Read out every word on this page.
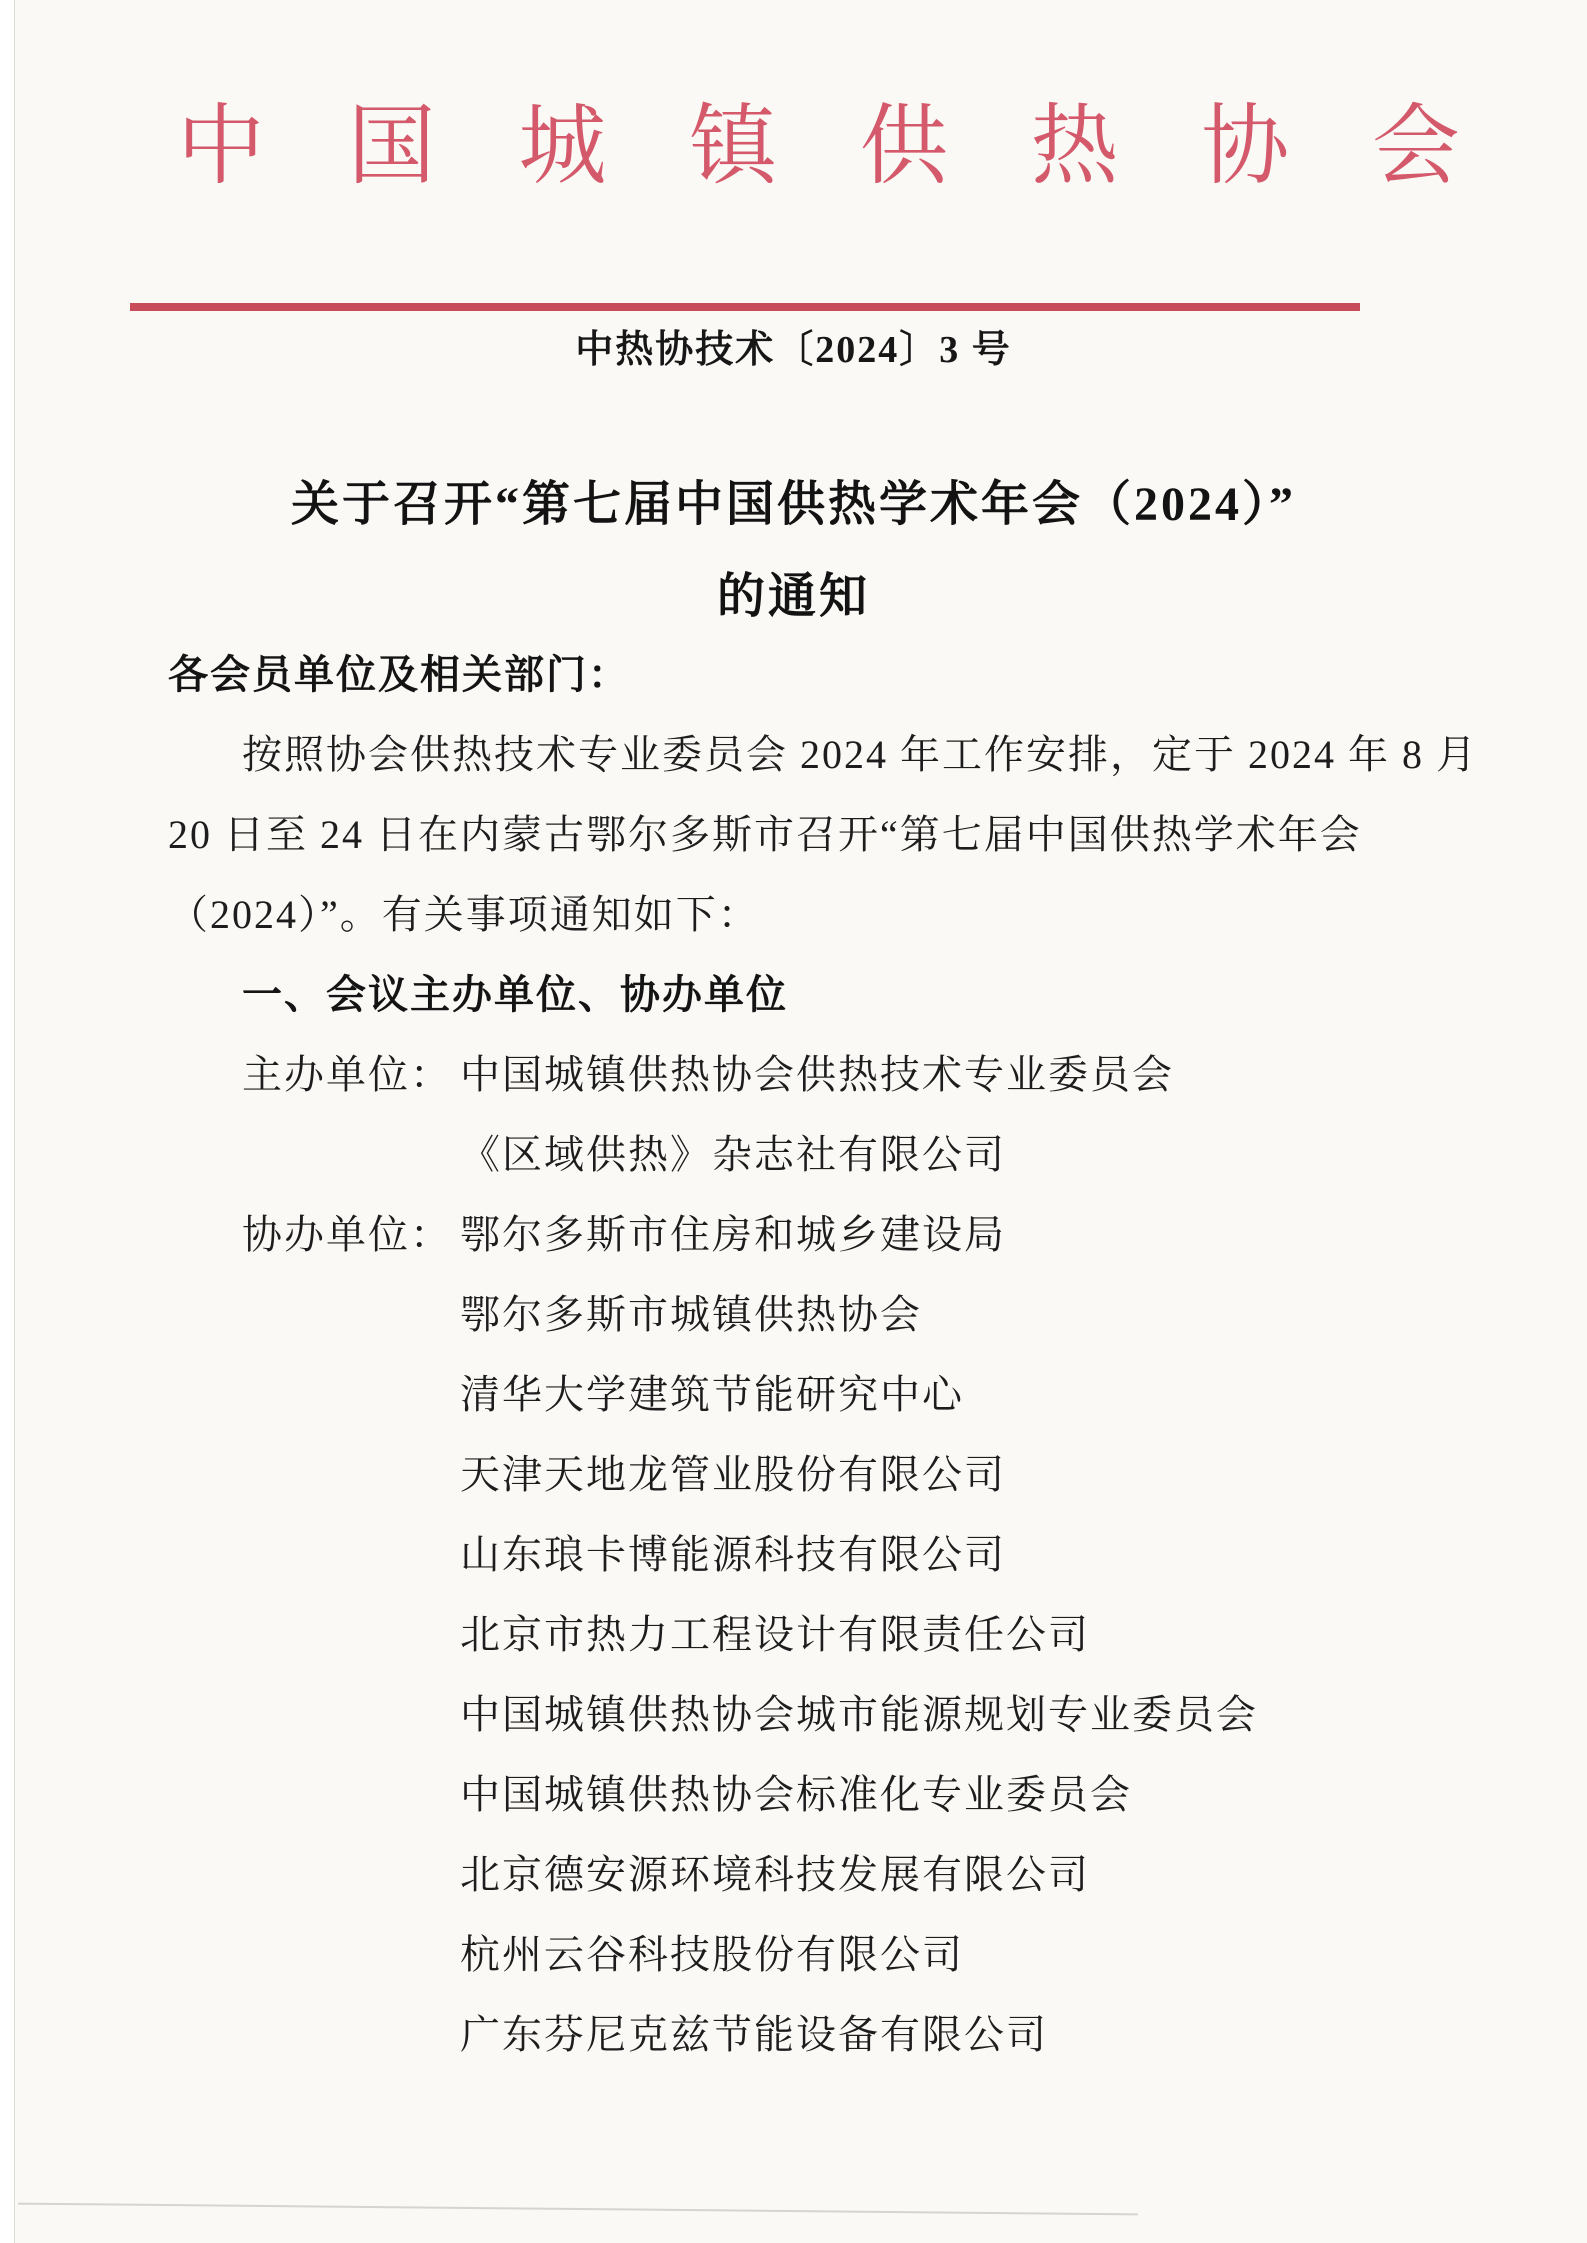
中 国 城 镇 供 热 协 会
中热协技术〔2024〕3 号
关于召开“第七届中国供热学术年会（2024）”
的通知
各会员单位及相关部门：
按照协会供热技术专业委员会 2024 年工作安排，定于 2024 年 8 月
20 日至 24 日在内蒙古鄂尔多斯市召开“第七届中国供热学术年会
（2024）”。有关事项通知如下：
一、会议主办单位、协办单位
主办单位： 中国城镇供热协会供热技术专业委员会
《区域供热》杂志社有限公司
协办单位： 鄂尔多斯市住房和城乡建设局
鄂尔多斯市城镇供热协会
清华大学建筑节能研究中心
天津天地龙管业股份有限公司
山东琅卡博能源科技有限公司
北京市热力工程设计有限责任公司
中国城镇供热协会城市能源规划专业委员会
中国城镇供热协会标准化专业委员会
北京德安源环境科技发展有限公司
杭州云谷科技股份有限公司
广东芬尼克兹节能设备有限公司
